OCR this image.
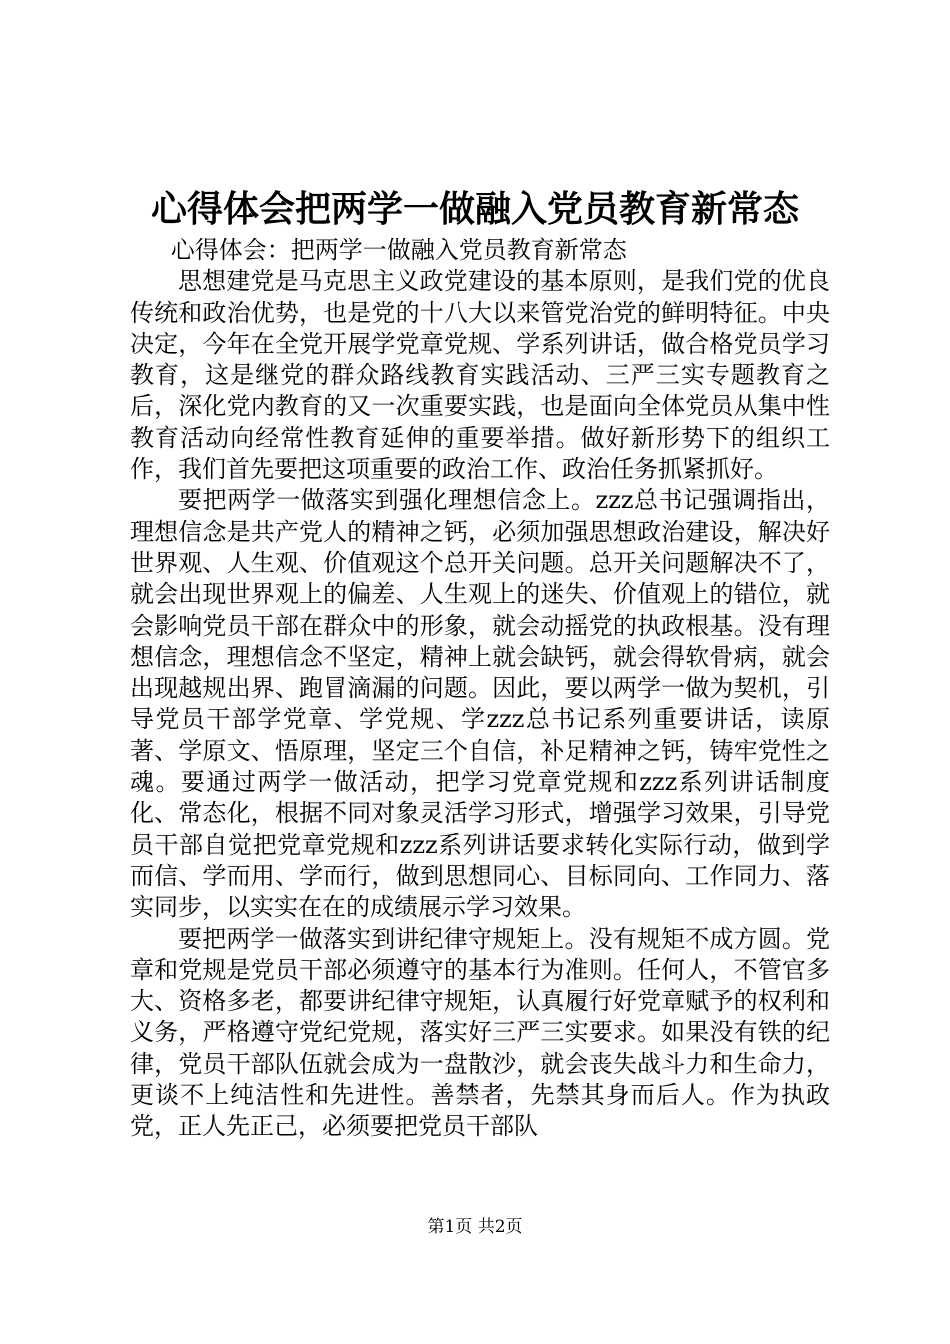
心得体会把两学一做融入党员教育新常态

心得体会：把两学一做融入党员教育新常态

思想建党是马克思主义政党建设的基本原则，是我们党的优良传统和政治优势，也是党的十八大以来管党治党的鲜明特征。中央决定，今年在全党开展学党章党规、学系列讲话，做合格党员学习教育，这是继党的群众路线教育实践活动、三严三实专题教育之后，深化党内教育的又一次重要实践，也是面向全体党员从集中性教育活动向经常性教育延伸的重要举措。做好新形势下的组织工作，我们首先要把这项重要的政治工作、政治任务抓紧抓好。

要把两学一做落实到强化理想信念上。zzz总书记强调指出，理想信念是共产党人的精神之钙，必须加强思想政治建设，解决好世界观、人生观、价值观这个总开关问题。总开关问题解决不了，就会出现世界观上的偏差、人生观上的迷失、价值观上的错位，就会影响党员干部在群众中的形象，就会动摇党的执政根基。没有理想信念，理想信念不坚定，精神上就会缺钙，就会得软骨病，就会出现越规出界、跑冒滴漏的问题。因此，要以两学一做为契机，引导党员干部学党章、学党规、学zzz总书记系列重要讲话，读原著、学原文、悟原理，坚定三个自信，补足精神之钙，铸牢党性之魂。要通过两学一做活动，把学习党章党规和zzz系列讲话制度化、常态化，根据不同对象灵活学习形式，增强学习效果，引导党员干部自觉把党章党规和zzz系列讲话要求转化实际行动，做到学而信、学而用、学而行，做到思想同心、目标同向、工作同力、落实同步，以实实在在的成绩展示学习效果。

要把两学一做落实到讲纪律守规矩上。没有规矩不成方圆。党章和党规是党员干部必须遵守的基本行为准则。任何人，不管官多大、资格多老，都要讲纪律守规矩，认真履行好党章赋予的权利和义务，严格遵守党纪党规，落实好三严三实要求。如果没有铁的纪律，党员干部队伍就会成为一盘散沙，就会丧失战斗力和生命力，更谈不上纯洁性和先进性。善禁者，先禁其身而后人。作为执政党，正人先正己，必须要把党员干部队

第1页 共2页
